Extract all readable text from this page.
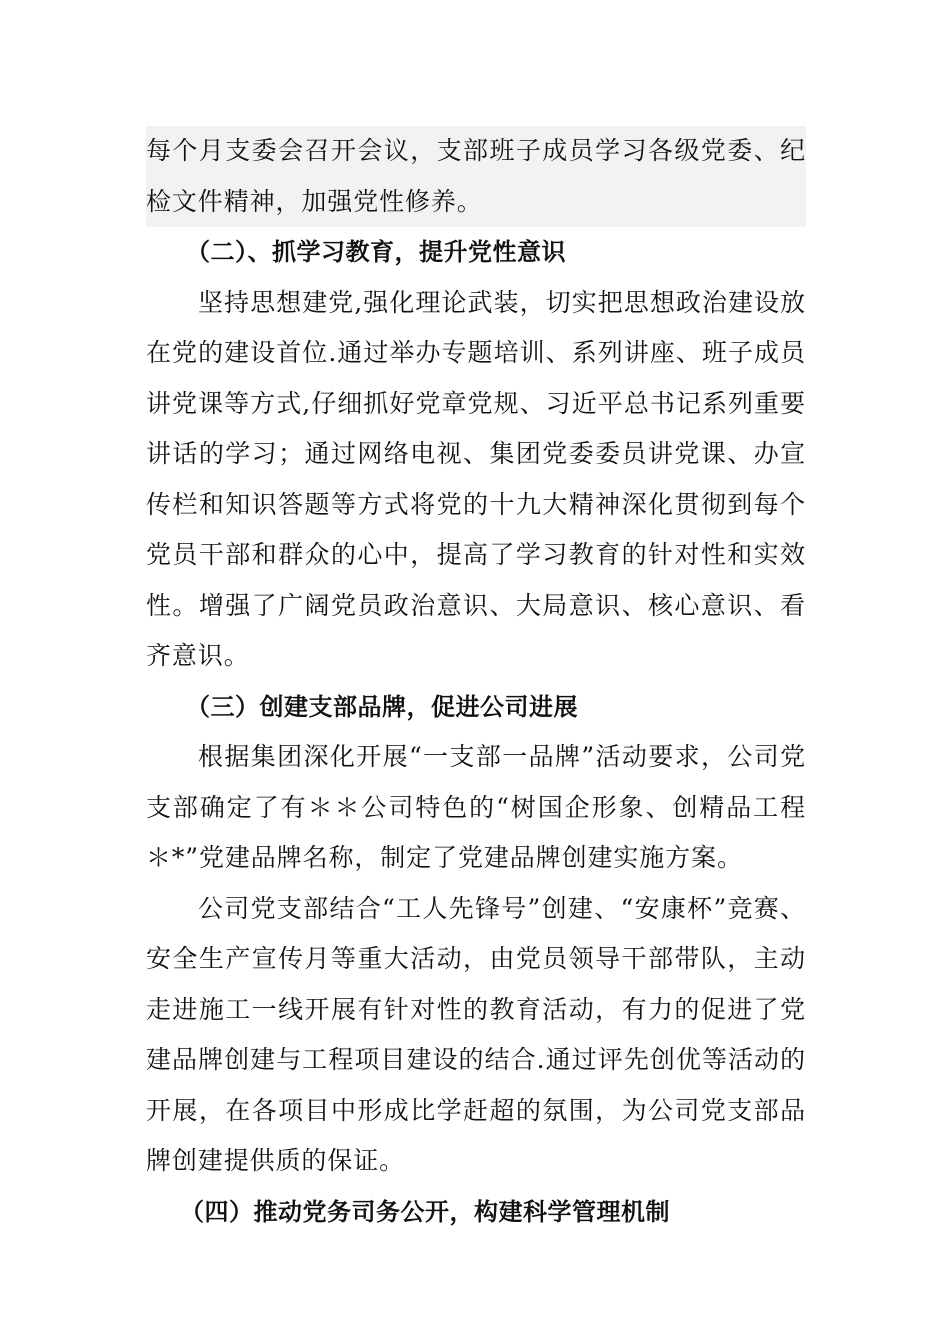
每个月支委会召开会议，支部班子成员学习各级党委、纪检文件精神，加强党性修养。

（二）、抓学习教育，提升党性意识

坚持思想建党,强化理论武装，切实把思想政治建设放在党的建设首位.通过举办专题培训、系列讲座、班子成员讲党课等方式,仔细抓好党章党规、习近平总书记系列重要讲话的学习；通过网络电视、集团党委委员讲党课、办宣传栏和知识答题等方式将党的十九大精神深化贯彻到每个党员干部和群众的心中，提高了学习教育的针对性和实效性。增强了广阔党员政治意识、大局意识、核心意识、看齐意识。

（三）创建支部品牌，促进公司进展

根据集团深化开展“一支部一品牌”活动要求，公司党支部确定了有＊＊公司特色的“树国企形象、创精品工程＊*”党建品牌名称，制定了党建品牌创建实施方案。

公司党支部结合“工人先锋号”创建、“安康杯”竞赛、安全生产宣传月等重大活动，由党员领导干部带队，主动走进施工一线开展有针对性的教育活动，有力的促进了党建品牌创建与工程项目建设的结合.通过评先创优等活动的开展，在各项目中形成比学赶超的氛围，为公司党支部品牌创建提供质的保证。

（四）推动党务司务公开，构建科学管理机制
